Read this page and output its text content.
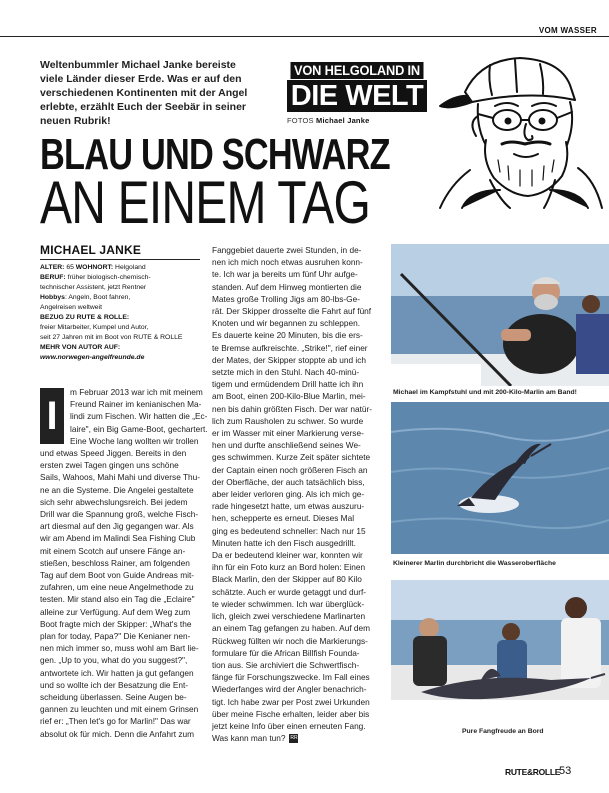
VOM WASSER
Weltenbummler Michael Janke bereiste
viele Länder dieser Erde. Was er auf den
verschiedenen Kontinenten mit der Angel
erlebte, erzählt Euch der Seebär in seiner
neuen Rubrik!
VON HELGOLAND IN
DIE WELT
FOTOS Michael Janke
BLAU UND SCHWARZ
AN EINEM TAG
MICHAEL JANKE
ALTER: 65 WOHNORT: Helgoland
BERUF: früher biologisch-chemisch-
technischer Assistent, jetzt Rentner
Hobbys: Angeln, Boot fahren,
Angelreisen weltweit
BEZUG ZU RUTE & ROLLE:
freier Mitarbeiter, Kumpel und Autor,
seit 27 Jahren mit im Boot von RUTE & ROLLE
MEHR VON AUTOR AUF:
www.norwegen-angelfreunde.de
I

m Februar 2013 war ich mit meinem

Freund Rainer im kenianischen Ma-

lindi zum Fischen. Wir hatten die „Ec-

laire", ein Big Game-Boot, gechartert.

Eine Woche lang wollten wir trollen

und etwas Speed Jiggen. Bereits in den

ersten zwei Tagen gingen uns schöne

Sails, Wahoos, Mahi Mahi und diverse Thu-

ne an die Systeme. Die Angelei gestaltete

sich sehr abwechslungsreich. Bei jedem

Drill war die Spannung groß, welche Fisch-

art diesmal auf den Jig gegangen war. Als

wir am Abend im Malindi Sea Fishing Club

mit einem Scotch auf unsere Fänge an-

stießen, beschloss Rainer, am folgenden

Tag auf dem Boot von Guide Andreas mit-

zufahren, um eine neue Angelmethode zu

testen. Mir stand also ein Tag die „Eclaire"

alleine zur Verfügung. Auf dem Weg zum

Boot fragte mich der Skipper: „What's the

plan for today, Papa?" Die Kenianer nen-

nen mich immer so, muss wohl am Bart lie-

gen. „Up to you, what do you suggest?",

antwortete ich. Wir hatten ja gut gefangen

und so wollte ich der Besatzung die Ent-

scheidung überlassen. Seine Augen be-

gannen zu leuchten und mit einem Grinsen

rief er: „Then let's go for Marlin!" Das war

absolut ok für mich. Denn die Anfahrt zum

Fanggebiet dauerte zwei Stunden, in de-

nen ich mich noch etwas ausruhen konn-

te. Ich war ja bereits um fünf Uhr aufge-

standen. Auf dem Hinweg montierten die

Mates große Trolling Jigs am 80-lbs-Ge-

rät. Der Skipper drosselte die Fahrt auf fünf

Knoten und wir begannen zu schleppen.

Es dauerte keine 20 Minuten, bis die ers-

te Bremse aufkreischte. „Strike!", rief einer

der Mates, der Skipper stoppte ab und ich

setzte mich in den Stuhl. Nach 40-minü-

tigem und ermüdendem Drill hatte ich ihn

am Boot, einen 200-Kilo-Blue Marlin, mei-

nen bis dahin größten Fisch. Der war natür-

lich zum Rausholen zu schwer. So wurde

er im Wasser mit einer Markierung verse-

hen und durfte anschließend seines We-

ges schwimmen. Kurze Zeit später sichtete

der Captain einen noch größeren Fisch an

der Oberfläche, der auch tatsächlich biss,

aber leider verloren ging. Als ich mich ge-

rade hingesetzt hatte, um etwas auszuru-

hen, schepperte es erneut. Dieses Mal

ging es bedeutend schneller: Nach nur 15

Minuten hatte ich den Fisch ausgedrillt.

Da er bedeutend kleiner war, konnten wir

ihn für ein Foto kurz an Bord holen: Einen

Black Marlin, den der Skipper auf 80 Kilo

schätzte. Auch er wurde getaggt und durf-

te wieder schwimmen. Ich war überglück-

lich, gleich zwei verschiedene Marlinarten

an einem Tag gefangen zu haben. Auf dem

Rückweg füllten wir noch die Markierungs-

formulare für die African Billfish Founda-

tion aus. Sie archiviert die Schwertfisch-

fänge für Forschungszwecke. Im Fall eines

Wiederfanges wird der Angler benachrich-

tigt. Ich habe zwar per Post zwei Urkunden

über meine Fische erhalten, leider aber bis

jetzt keine Info über einen erneuten Fang.

Was kann man tun? RR

Michael im Kampfstuhl und mit 200-Kilo-Marlin am Band!
Kleinerer Marlin durchbricht die Wasseroberfläche
Pure Fangfreude an Bord
RUTE&ROLLE
53
